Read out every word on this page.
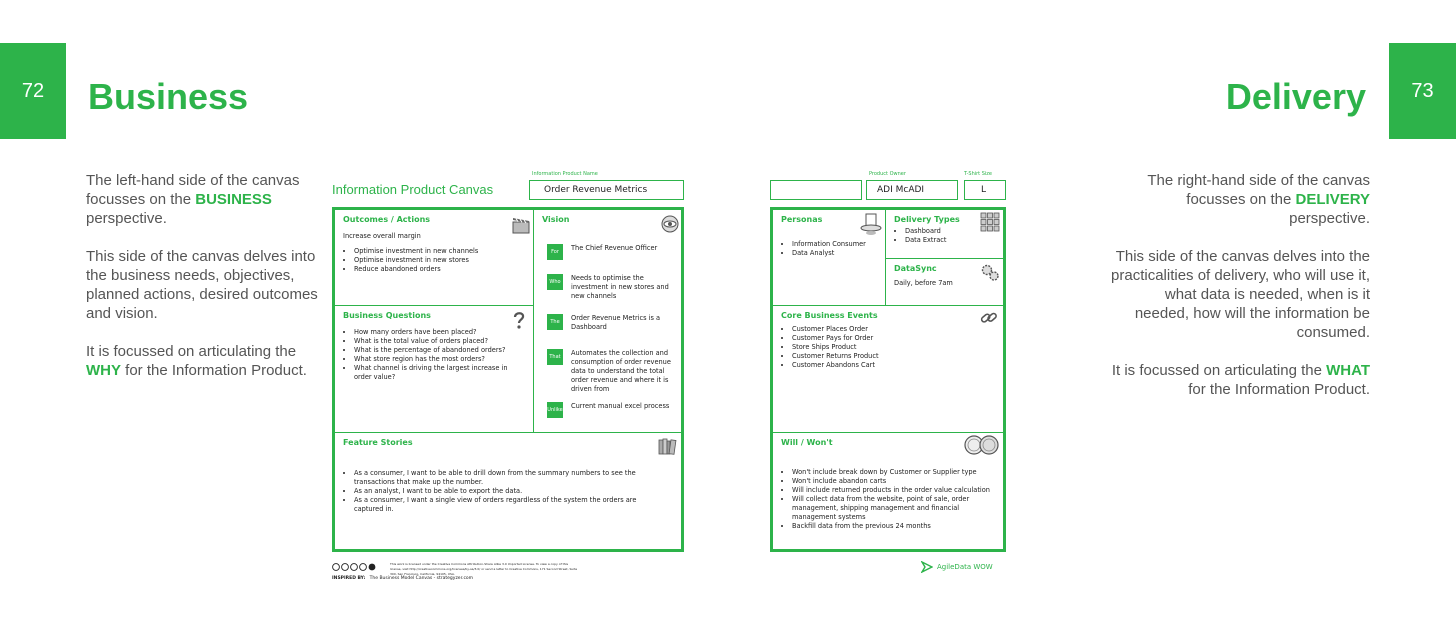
72	Business

The left-hand side of the canvas focusses on the BUSINESS perspective.

This side of the canvas delves into the business needs, objectives, planned actions, desired outcomes and vision.

It is focussed on articulating the WHY for the Information Product.

Information Product Canvas
Information Product Name
Order Revenue Metrics
Outcomes / Actions
Increase overall margin
• Optimise investment in new channels
• Optimise investment in new stores
• Reduce abandoned orders
Vision
For	The Chief Revenue Officer
Who	Needs to optimise the investment in new stores and new channels
The	Order Revenue Metrics is a Dashboard
That	Automates the collection and consumption of order revenue data to understand the total order revenue and where it is driven from
Unlike Current manual excel process
Business Questions
• How many orders have been placed?
• What is the total value of orders placed?
• What is the percentage of abandoned orders?
• What store region has the most orders?
• What channel is driving the largest increase in order value?
Feature Stories
• As a consumer, I want to be able to drill down from the summary numbers to see the transactions that make up the number.
• As an analyst, I want to be able to export the data.
• As a consumer, I want a single view of orders regardless of the system the orders are captured in.
This work is licensed under the Creative Commons Attribution-Share Alike 3.0 Unported License. To view a copy of this license, visit http://creativecommons.org/licenses/by-sa/3.0/ or send a letter to Creative Commons, 171 Second Street, Suite 300, San Francisco, California, 94105, USA.
INSPIRED BY: The Business Model Canvas - strategyzer.com
Product Owner
ADI McADI
T-Shirt Size
L
Personas
• Information Consumer
• Data Analyst
Delivery Types
• Dashboard
• Data Extract
DataSync
Daily, before 7am
Core Business Events
• Customer Places Order
• Customer Pays for Order
• Store Ships Product
• Customer Returns Product
• Customer Abandons Cart
Will / Won't
• Won't include break down by Customer or Supplier type
• Won't include abandon carts
• Will include returned products in the order value calculation
• Will collect data from the website, point of sale, order management, shipping management and financial management systems
• Backfill data from the previous 24 months
AgileData WOW
Delivery	73

The right-hand side of the canvas focusses on the DELIVERY perspective.

This side of the canvas delves into the practicalities of delivery, who will use it, what data is needed, when is it needed, how will the information be consumed.

It is focussed on articulating the WHAT for the Information Product.
